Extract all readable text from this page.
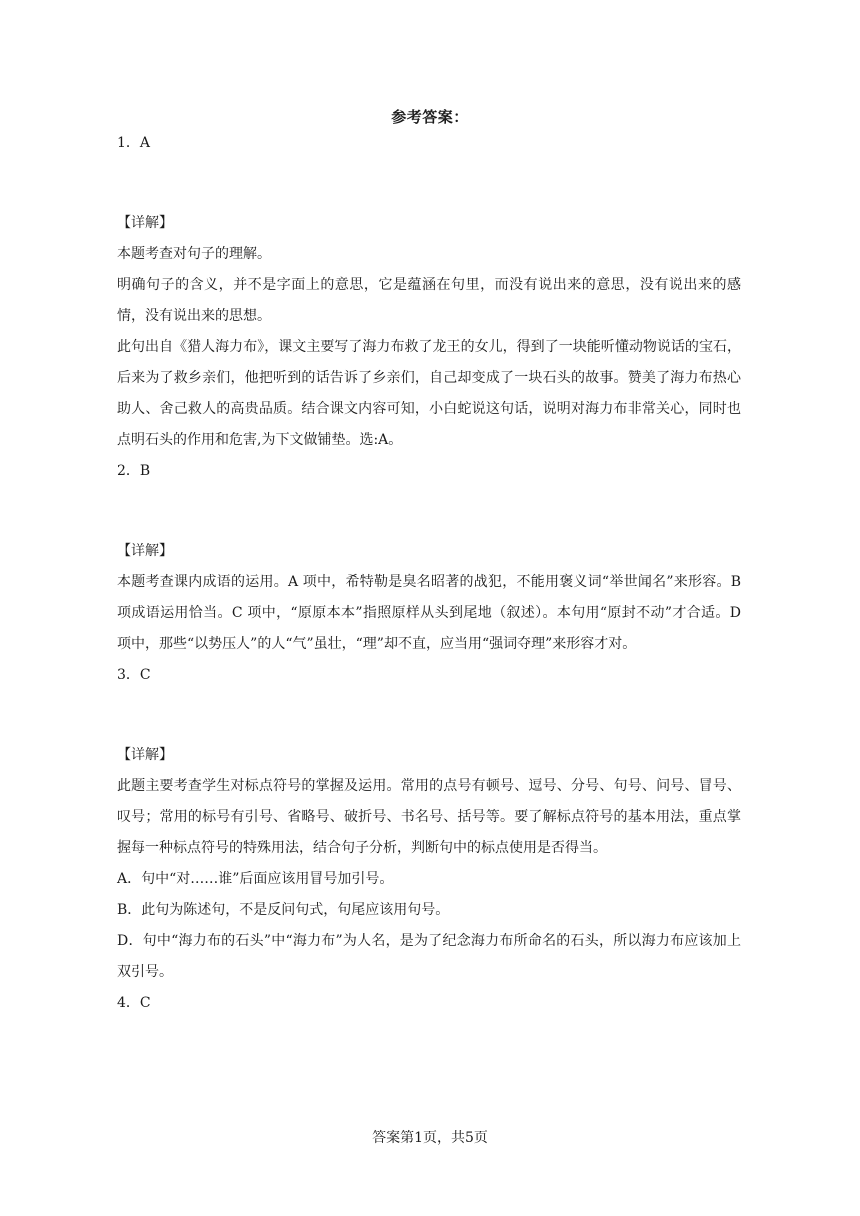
参考答案：

1．A

【详解】

本题考查对句子的理解。

明确句子的含义，并不是字面上的意思，它是蕴涵在句里，而没有说出来的意思，没有说出来的感情，没有说出来的思想。

此句出自《猎人海力布》，课文主要写了海力布救了龙王的女儿，得到了一块能听懂动物说话的宝石，后来为了救乡亲们，他把听到的话告诉了乡亲们，自己却变成了一块石头的故事。赞美了海力布热心助人、舍己救人的高贵品质。结合课文内容可知，小白蛇说这句话，说明对海力布非常关心，同时也点明石头的作用和危害,为下文做铺垫。选:A。

2．B

【详解】

本题考查课内成语的运用。A 项中，希特勒是臭名昭著的战犯，不能用褒义词“举世闻名”来形容。B 项成语运用恰当。C 项中，“原原本本”指照原样从头到尾地（叙述）。本句用“原封不动”才合适。D 项中，那些“以势压人”的人“气”虽壮，“理”却不直，应当用“强词夺理”来形容才对。

3．C

【详解】

此题主要考查学生对标点符号的掌握及运用。常用的点号有顿号、逗号、分号、句号、问号、冒号、叹号；常用的标号有引号、省略号、破折号、书名号、括号等。要了解标点符号的基本用法，重点掌握每一种标点符号的特殊用法，结合句子分析，判断句中的标点使用是否得当。

A．句中“对……谁”后面应该用冒号加引号。

B．此句为陈述句，不是反问句式，句尾应该用句号。

D．句中“海力布的石头”中“海力布”为人名，是为了纪念海力布所命名的石头，所以海力布应该加上双引号。

4．C

答案第1页，共5页
